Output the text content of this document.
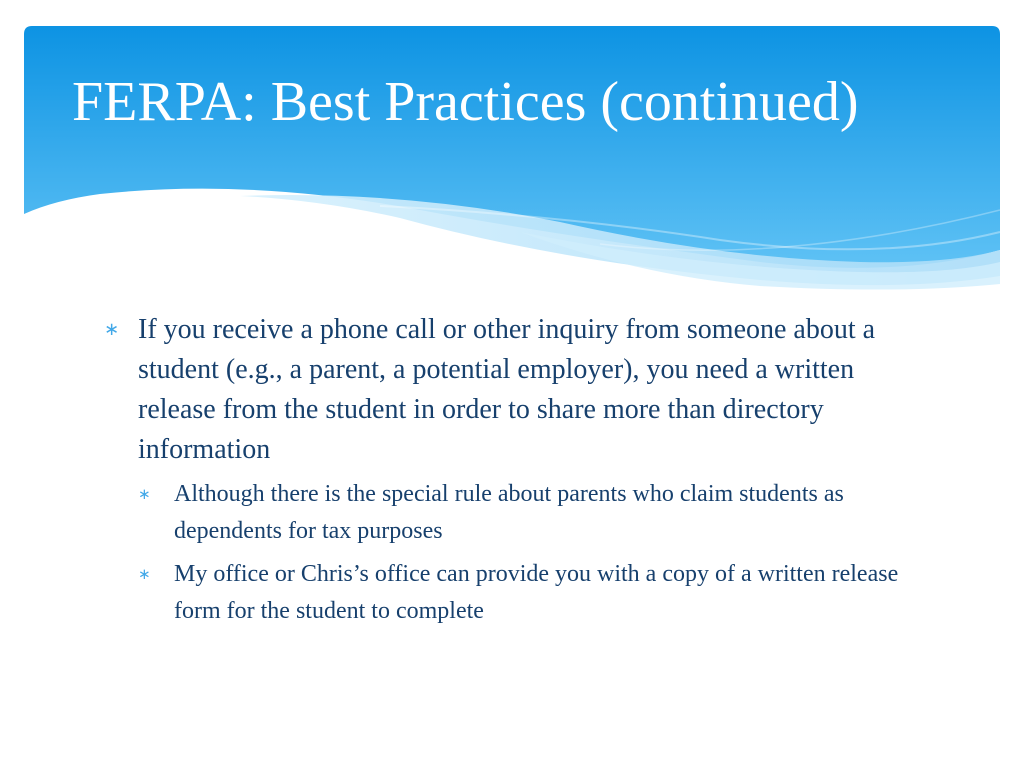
FERPA: Best Practices (continued)
∗ If you receive a phone call or other inquiry from someone about a student (e.g., a parent, a potential employer), you need a written release from the student in order to share more than directory information
∗ Although there is the special rule about parents who claim students as dependents for tax purposes
∗ My office or Chris’s office can provide you with a copy of a written release form for the student to complete
